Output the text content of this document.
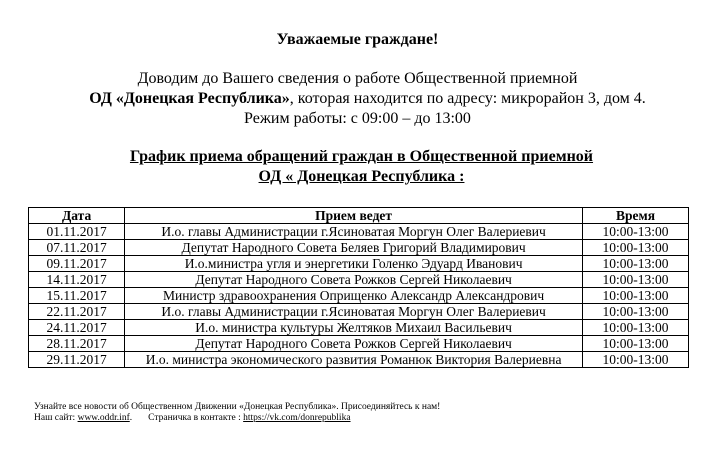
Уважаемые граждане!
Доводим до Вашего сведения о работе Общественной приемной
ОД «Донецкая Республика», которая находится по адресу: микрорайон 3, дом 4.
Режим работы: с 09:00 – до 13:00
График приема обращений граждан в Общественной приемной
ОД « Донецкая Республика :
Дата	Прием ведет	Время
01.11.2017	И.о. главы Администрации г.Ясиноватая Моргун Олег Валериевич	10:00-13:00
07.11.2017	Депутат Народного Совета Беляев Григорий Владимирович	10:00-13:00
09.11.2017	И.о.министра угля и энергетики Голенко Эдуард Иванович	10:00-13:00
14.11.2017	Депутат Народного Совета Рожков Сергей Николаевич	10:00-13:00
15.11.2017	Министр здравоохранения Оприщенко Александр Александрович	10:00-13:00
22.11.2017	И.о. главы Администрации г.Ясиноватая Моргун Олег Валериевич	10:00-13:00
24.11.2017	И.о. министра культуры Желтяков Михаил Васильевич	10:00-13:00
28.11.2017	Депутат Народного Совета Рожков Сергей Николаевич	10:00-13:00
29.11.2017	И.о. министра экономического развития Романюк Виктория Валериевна	10:00-13:00
Узнайте все новости об Общественном Движении «Донецкая Республика». Присоединяйтесь к нам!
Наш сайт: www.oddr.inf. Страничка в контакте : https://vk.com/donrepublika
